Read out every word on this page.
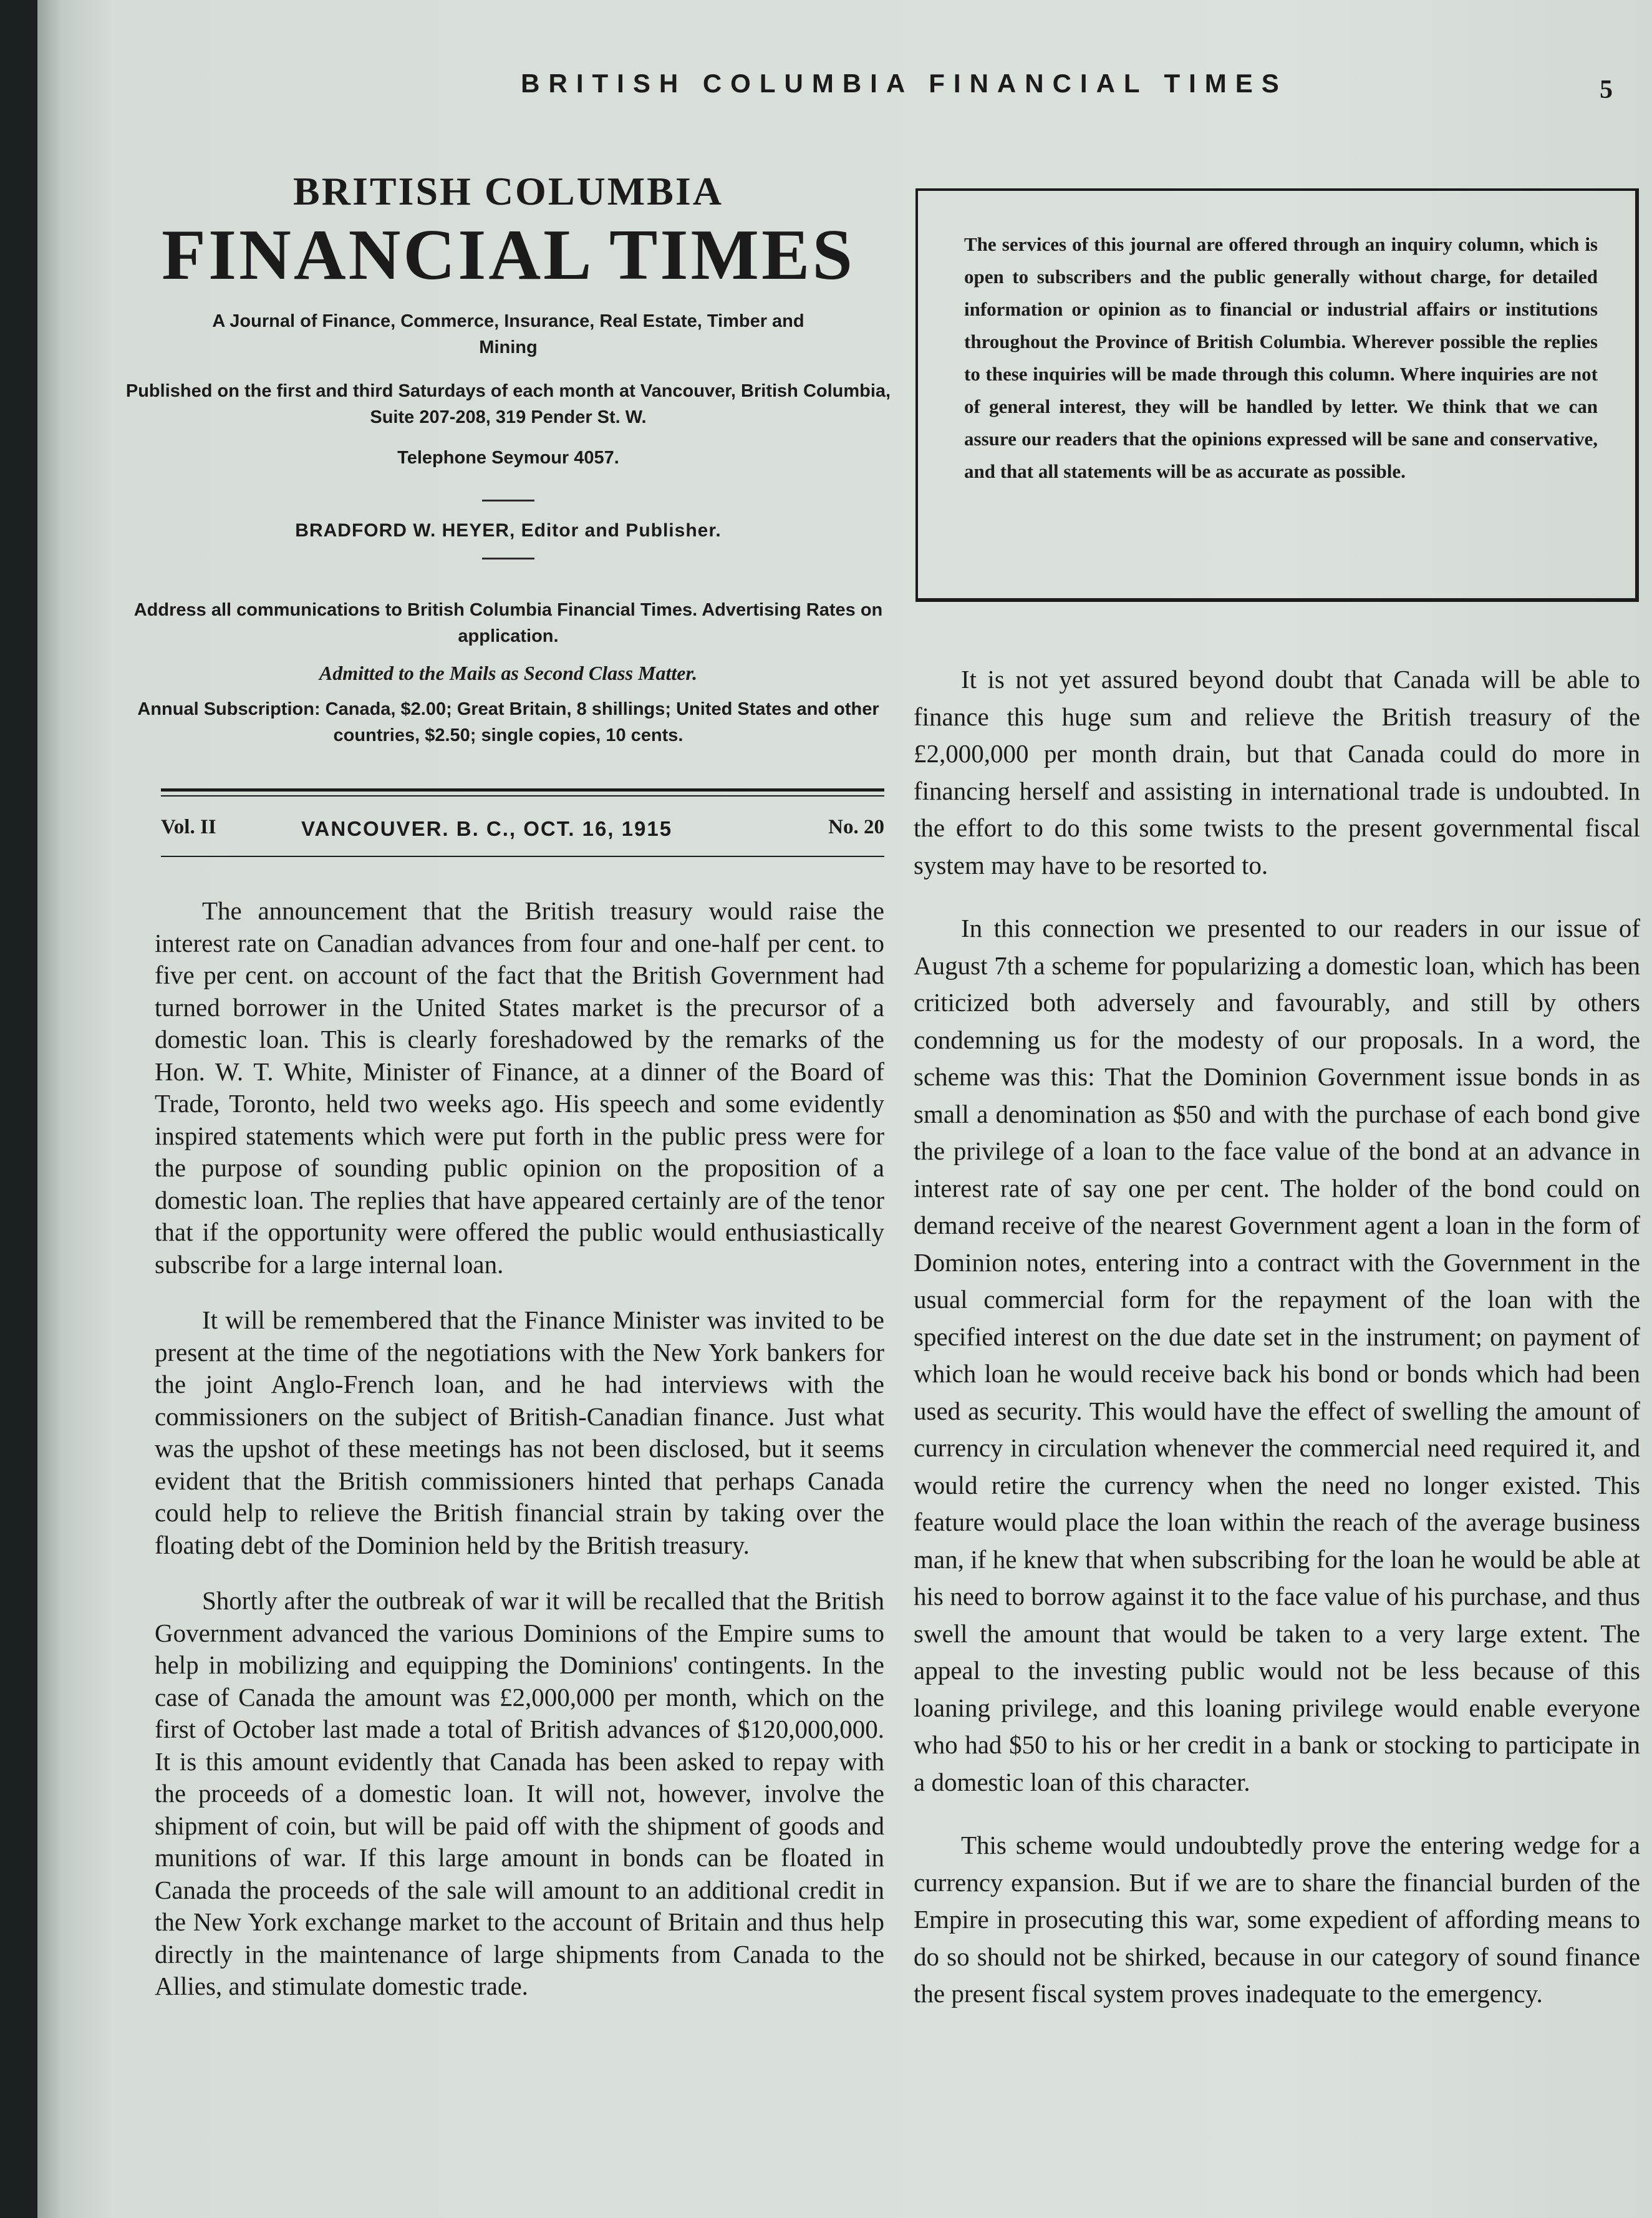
BRITISH COLUMBIA FINANCIAL TIMES	5

BRITISH COLUMBIA

FINANCIAL TIMES

A Journal of Finance, Commerce, Insurance, Real Estate, Timber and Mining

Published on the first and third Saturdays of each month at Vancouver, British Columbia, Suite 207-208, 319 Pender St. W.

Telephone Seymour 4057.

BRADFORD W. HEYER, Editor and Publisher.

Address all communications to British Columbia Financial Times. Advertising Rates on application.

Admitted to the Mails as Second Class Matter.

Annual Subscription: Canada, $2.00; Great Britain, 8 shillings; United States and other countries, $2.50; single copies, 10 cents.

Vol. II	VANCOUVER. B. C., OCT. 16, 1915	No. 20

The services of this journal are offered through an inquiry column, which is open to subscribers and the public generally without charge, for detailed information or opinion as to financial or industrial affairs or institutions throughout the Province of British Columbia. Wherever possible the replies to these inquiries will be made through this column. Where inquiries are not of general interest, they will be handled by letter. We think that we can assure our readers that the opinions expressed will be sane and conservative, and that all statements will be as accurate as possible.

The announcement that the British treasury would raise the interest rate on Canadian advances from four and one-half per cent. to five per cent. on account of the fact that the British Government had turned borrower in the United States market is the precursor of a domestic loan. This is clearly foreshadowed by the remarks of the Hon. W. T. White, Minister of Finance, at a dinner of the Board of Trade, Toronto, held two weeks ago. His speech and some evidently inspired statements which were put forth in the public press were for the purpose of sounding public opinion on the proposition of a domestic loan. The replies that have appeared certainly are of the tenor that if the opportunity were offered the public would enthusiastically subscribe for a large internal loan.

It will be remembered that the Finance Minister was invited to be present at the time of the negotiations with the New York bankers for the joint Anglo-French loan, and he had interviews with the commissioners on the subject of British-Canadian finance. Just what was the upshot of these meetings has not been disclosed, but it seems evident that the British commissioners hinted that perhaps Canada could help to relieve the British financial strain by taking over the floating debt of the Dominion held by the British treasury.

Shortly after the outbreak of war it will be recalled that the British Government advanced the various Dominions of the Empire sums to help in mobilizing and equipping the Dominions' contingents. In the case of Canada the amount was £2,000,000 per month, which on the first of October last made a total of British advances of $120,000,000. It is this amount evidently that Canada has been asked to repay with the proceeds of a domestic loan. It will not, however, involve the shipment of coin, but will be paid off with the shipment of goods and munitions of war. If this large amount in bonds can be floated in Canada the proceeds of the sale will amount to an additional credit in the New York exchange market to the account of Britain and thus help directly in the maintenance of large shipments from Canada to the Allies, and stimulate domestic trade.

It is not yet assured beyond doubt that Canada will be able to finance this huge sum and relieve the British treasury of the £2,000,000 per month drain, but that Canada could do more in financing herself and assisting in international trade is undoubted. In the effort to do this some twists to the present governmental fiscal system may have to be resorted to.

In this connection we presented to our readers in our issue of August 7th a scheme for popularizing a domestic loan, which has been criticized both adversely and favourably, and still by others condemning us for the modesty of our proposals. In a word, the scheme was this: That the Dominion Government issue bonds in as small a denomination as $50 and with the purchase of each bond give the privilege of a loan to the face value of the bond at an advance in interest rate of say one per cent. The holder of the bond could on demand receive of the nearest Government agent a loan in the form of Dominion notes, entering into a contract with the Government in the usual commercial form for the repayment of the loan with the specified interest on the due date set in the instrument; on payment of which loan he would receive back his bond or bonds which had been used as security. This would have the effect of swelling the amount of currency in circulation whenever the commercial need required it, and would retire the currency when the need no longer existed. This feature would place the loan within the reach of the average business man, if he knew that when subscribing for the loan he would be able at his need to borrow against it to the face value of his purchase, and thus swell the amount that would be taken to a very large extent. The appeal to the investing public would not be less because of this loaning privilege, and this loaning privilege would enable everyone who had $50 to his or her credit in a bank or stocking to participate in a domestic loan of this character.

This scheme would undoubtedly prove the entering wedge for a currency expansion. But if we are to share the financial burden of the Empire in prosecuting this war, some expedient of affording means to do so should not be shirked, because in our category of sound finance the present fiscal system proves inadequate to the emergency.
